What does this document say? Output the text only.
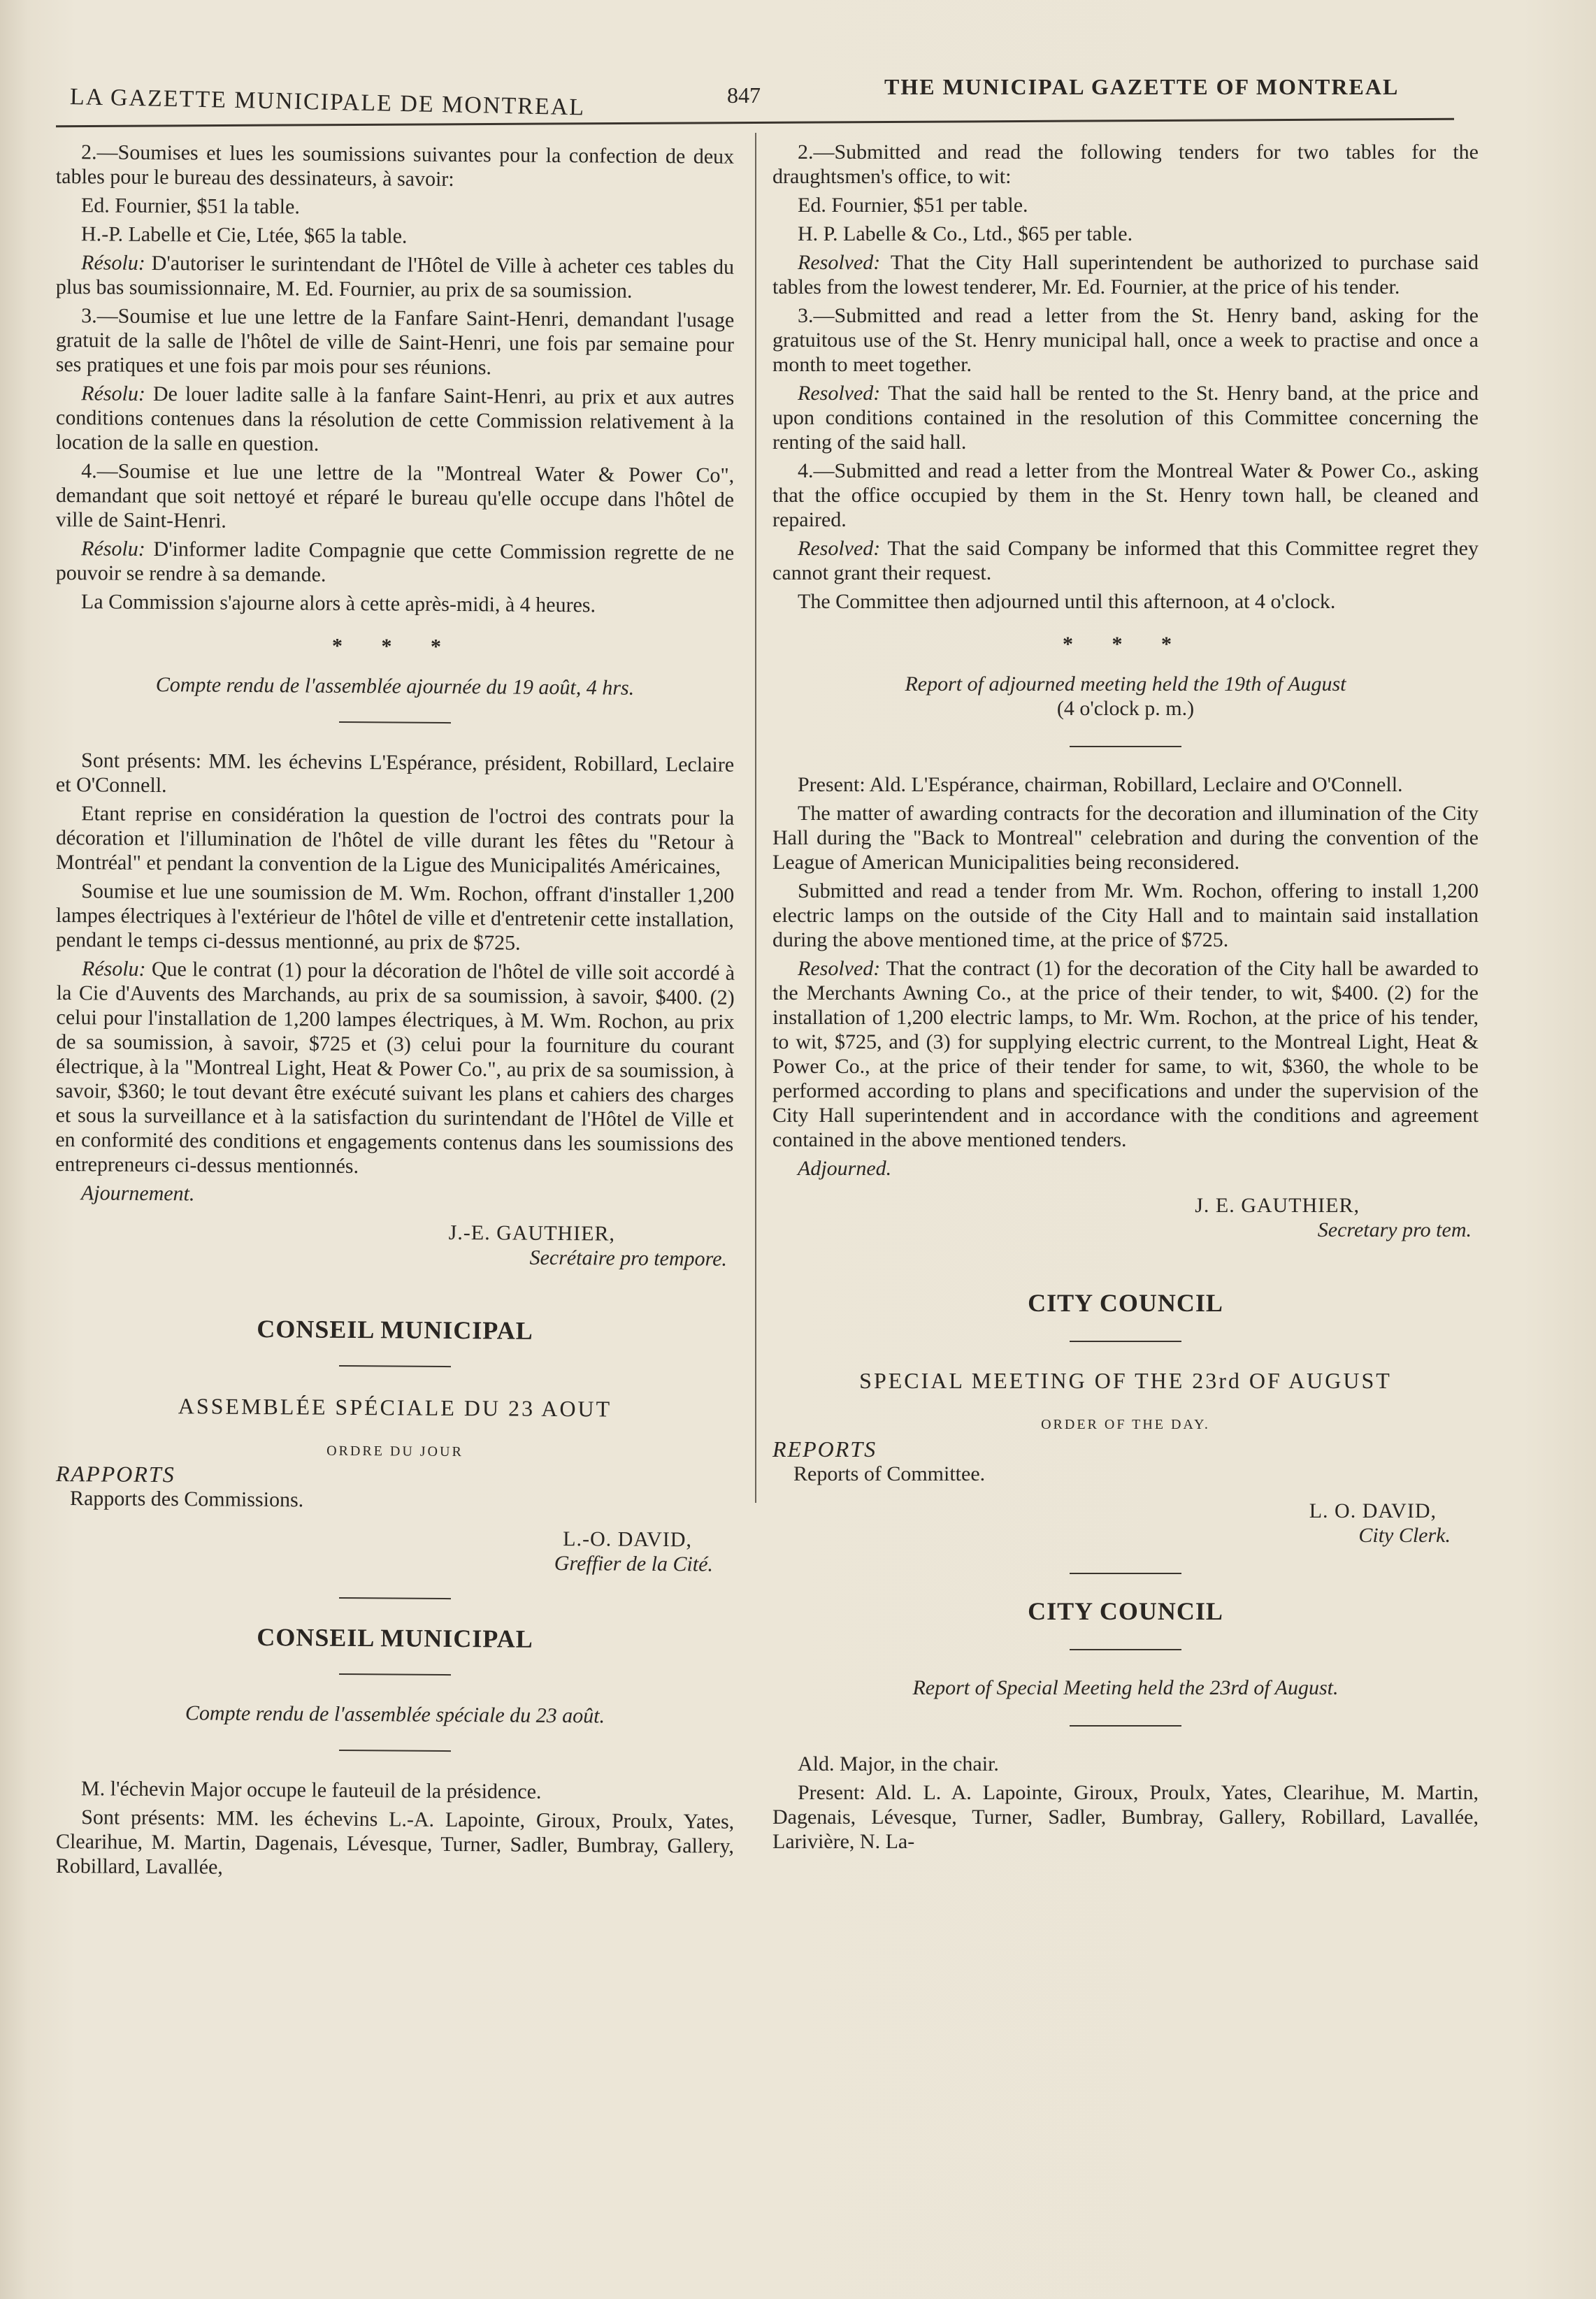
LA GAZETTE MUNICIPALE DE MONTREAL	847	THE MUNICIPAL GAZETTE OF MONTREAL

2.—Soumises et lues les soumissions suivantes pour la confection de deux tables pour le bureau des dessinateurs, à savoir:

Ed. Fournier, $51 la table.

H.-P. Labelle et Cie, Ltée, $65 la table.

Résolu: D'autoriser le surintendant de l'Hôtel de Ville à acheter ces tables du plus bas soumissionnaire, M. Ed. Fournier, au prix de sa soumission.

3.—Soumise et lue une lettre de la Fanfare Saint-Henri, demandant l'usage gratuit de la salle de l'hôtel de ville de Saint-Henri, une fois par semaine pour ses pratiques et une fois par mois pour ses réunions.

Résolu: De louer ladite salle à la fanfare Saint-Henri, au prix et aux autres conditions contenues dans la résolution de cette Commission relativement à la location de la salle en question.

4.—Soumise et lue une lettre de la "Montreal Water & Power Co", demandant que soit nettoyé et réparé le bureau qu'elle occupe dans l'hôtel de ville de Saint-Henri.

Résolu: D'informer ladite Compagnie que cette Commission regrette de ne pouvoir se rendre à sa demande.

La Commission s'ajourne alors à cette après-midi, à 4 heures.

* * *
Compte rendu de l'assemblée ajournée du 19 août, 4 hrs.

Sont présents: MM. les échevins L'Espérance, président, Robillard, Leclaire et O'Connell.

Etant reprise en considération la question de l'octroi des contrats pour la décoration et l'illumination de l'hôtel de ville durant les fêtes du "Retour à Montréal" et pendant la convention de la Ligue des Municipalités Américaines,

Soumise et lue une soumission de M. Wm. Rochon, offrant d'installer 1,200 lampes électriques à l'extérieur de l'hôtel de ville et d'entretenir cette installation, pendant le temps ci-dessus mentionné, au prix de $725.

Résolu: Que le contrat (1) pour la décoration de l'hôtel de ville soit accordé à la Cie d'Auvents des Marchands, au prix de sa soumission, à savoir, $400. (2) celui pour l'installation de 1,200 lampes électriques, à M. Wm. Rochon, au prix de sa soumission, à savoir, $725 et (3) celui pour la fourniture du courant électrique, à la "Montreal Light, Heat & Power Co.", au prix de sa soumission, à savoir, $360; le tout devant être exécuté suivant les plans et cahiers des charges et sous la surveillance et à la satisfaction du surintendant de l'Hôtel de Ville et en conformité des conditions et engagements contenus dans les soumissions des entrepreneurs ci-dessus mentionnés.

Ajournement.

J.-E. GAUTHIER,
Secrétaire pro tempore.
CONSEIL MUNICIPAL
ASSEMBLÉE SPÉCIALE DU 23 AOUT
ORDRE DU JOUR
RAPPORTS
Rapports des Commissions.
L.-O. DAVID,
Greffier de la Cité.
CONSEIL MUNICIPAL
Compte rendu de l'assemblée spéciale du 23 août.

M. l'échevin Major occupe le fauteuil de la présidence.

Sont présents: MM. les échevins L.-A. Lapointe, Giroux, Proulx, Yates, Clearihue, M. Martin, Dagenais, Lévesque, Turner, Sadler, Bumbray, Gallery, Robillard, Lavallée,

2.—Submitted and read the following tenders for two tables for the draughtsmen's office, to wit:

Ed. Fournier, $51 per table.

H. P. Labelle & Co., Ltd., $65 per table.

Resolved: That the City Hall superintendent be authorized to purchase said tables from the lowest tenderer, Mr. Ed. Fournier, at the price of his tender.

3.—Submitted and read a letter from the St. Henry band, asking for the gratuitous use of the St. Henry municipal hall, once a week to practise and once a month to meet together.

Resolved: That the said hall be rented to the St. Henry band, at the price and upon conditions contained in the resolution of this Committee concerning the renting of the said hall.

4.—Submitted and read a letter from the Montreal Water & Power Co., asking that the office occupied by them in the St. Henry town hall, be cleaned and repaired.

Resolved: That the said Company be informed that this Committee regret they cannot grant their request.

The Committee then adjourned until this afternoon, at 4 o'clock.

* * *
Report of adjourned meeting held the 19th of August
(4 o'clock p. m.)

Present: Ald. L'Espérance, chairman, Robillard, Leclaire and O'Connell.

The matter of awarding contracts for the decoration and illumination of the City Hall during the "Back to Montreal" celebration and during the convention of the League of American Municipalities being reconsidered.

Submitted and read a tender from Mr. Wm. Rochon, offering to install 1,200 electric lamps on the outside of the City Hall and to maintain said installation during the above mentioned time, at the price of $725.

Resolved: That the contract (1) for the decoration of the City hall be awarded to the Merchants Awning Co., at the price of their tender, to wit, $400. (2) for the installation of 1,200 electric lamps, to Mr. Wm. Rochon, at the price of his tender, to wit, $725, and (3) for supplying electric current, to the Montreal Light, Heat & Power Co., at the price of their tender for same, to wit, $360, the whole to be performed according to plans and specifications and under the supervision of the City Hall superintendent and in accordance with the conditions and agreement contained in the above mentioned tenders.

Adjourned.

J. E. GAUTHIER,
Secretary pro tem.
CITY COUNCIL
SPECIAL MEETING OF THE 23rd OF AUGUST
ORDER OF THE DAY.
REPORTS
Reports of Committee.
L. O. DAVID,
City Clerk.
CITY COUNCIL
Report of Special Meeting held the 23rd of August.

Ald. Major, in the chair.

Present: Ald. L. A. Lapointe, Giroux, Proulx, Yates, Clearihue, M. Martin, Dagenais, Lévesque, Turner, Sadler, Bumbray, Gallery, Robillard, Lavallée, Larivière, N. La-
